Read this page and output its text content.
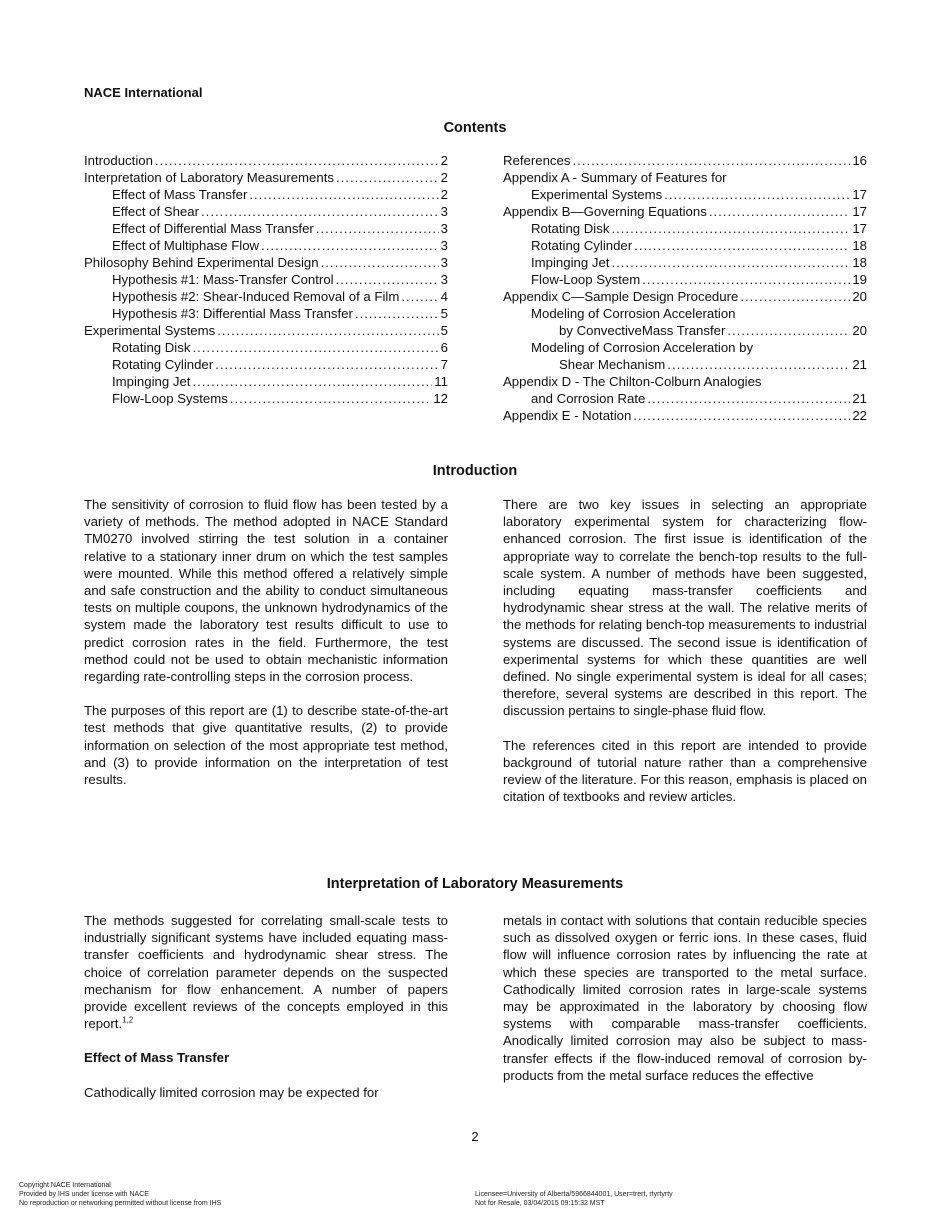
NACE International
Contents
Introduction .....	2
Interpretation of Laboratory Measurements .....	2
Effect of Mass Transfer .....	2
Effect of Shear .....	3
Effect of Differential Mass Transfer .....	3
Effect of Multiphase Flow .....	3
Philosophy Behind Experimental Design .....	3
Hypothesis #1: Mass-Transfer Control .....	3
Hypothesis #2: Shear-Induced Removal of a Film .....	4
Hypothesis #3: Differential Mass Transfer .....	5
Experimental Systems .....	5
Rotating Disk .....	6
Rotating Cylinder .....	7
Impinging Jet .....	11
Flow-Loop Systems .....	12
References .....	16
Appendix A - Summary of Features for
Experimental Systems .....	17
Appendix B—Governing Equations .....	17
Rotating Disk .....	17
Rotating Cylinder .....	18
Impinging Jet .....	18
Flow-Loop System .....	19
Appendix C—Sample Design Procedure .....	20
Modeling of Corrosion Acceleration
by ConvectiveMass Transfer .....	20
Modeling of Corrosion Acceleration by
Shear Mechanism .....	21
Appendix D - The Chilton-Colburn Analogies
and Corrosion Rate .....	21
Appendix E - Notation .....	22
Introduction

The sensitivity of corrosion to fluid flow has been tested by a variety of methods. The method adopted in NACE Standard TM0270 involved stirring the test solution in a container relative to a stationary inner drum on which the test samples were mounted. While this method offered a relatively simple and safe construction and the ability to conduct simultaneous tests on multiple coupons, the unknown hydrodynamics of the system made the laboratory test results difficult to use to predict corrosion rates in the field. Furthermore, the test method could not be used to obtain mechanistic information regarding rate-controlling steps in the corrosion process.

The purposes of this report are (1) to describe state-of-the-art test methods that give quantitative results, (2) to provide information on selection of the most appropriate test method, and (3) to provide information on the interpretation of test results.

There are two key issues in selecting an appropriate laboratory experimental system for characterizing flow-enhanced corrosion. The first issue is identification of the appropriate way to correlate the bench-top results to the full-scale system. A number of methods have been suggested, including equating mass-transfer coefficients and hydrodynamic shear stress at the wall. The relative merits of the methods for relating bench-top measurements to industrial systems are discussed. The second issue is identification of experimental systems for which these quantities are well defined. No single experimental system is ideal for all cases; therefore, several systems are described in this report. The discussion pertains to single-phase fluid flow.

The references cited in this report are intended to provide background of tutorial nature rather than a comprehensive review of the literature. For this reason, emphasis is placed on citation of textbooks and review articles.

Interpretation of Laboratory Measurements

The methods suggested for correlating small-scale tests to industrially significant systems have included equating mass-transfer coefficients and hydrodynamic shear stress. The choice of correlation parameter depends on the suspected mechanism for flow enhancement. A number of papers provide excellent reviews of the concepts employed in this report.$^{1,2}$

Effect of Mass Transfer

Cathodically limited corrosion may be expected for

metals in contact with solutions that contain reducible species such as dissolved oxygen or ferric ions. In these cases, fluid flow will influence corrosion rates by influencing the rate at which these species are transported to the metal surface. Cathodically limited corrosion rates in large-scale systems may be approximated in the laboratory by choosing flow systems with comparable mass-transfer coefficients. Anodically limited corrosion may also be subject to mass-transfer effects if the flow-induced removal of corrosion by-products from the metal surface reduces the effective

2
Copyright NACE International
Provided by IHS under license with NACE
No reproduction or networking permitted without license from IHS
Licensee=University of Alberta/5966844001, User=trert, rtyrtyrty
Not for Resale, 03/04/2015 09:15:32 MST
